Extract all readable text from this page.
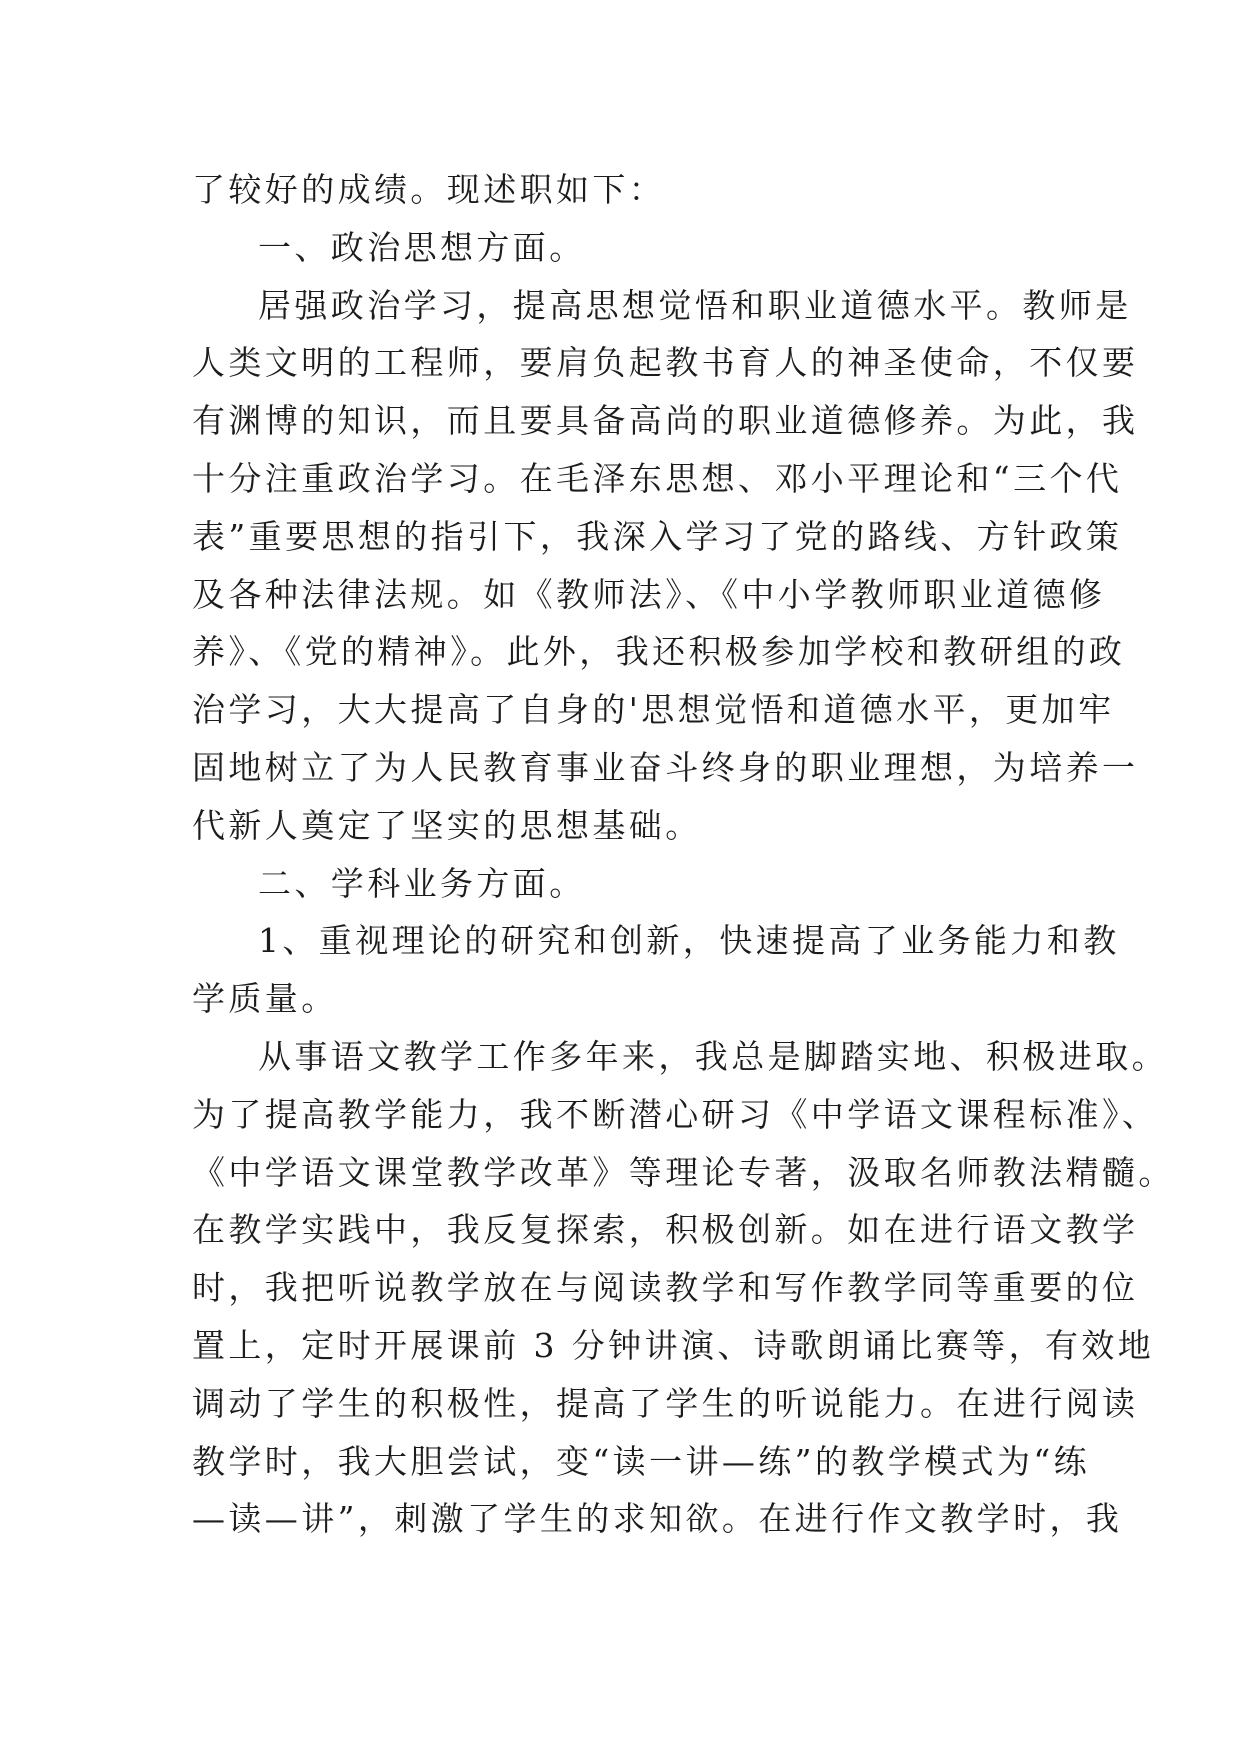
了较好的成绩。现述职如下：
一、政治思想方面。
居强政治学习，提高思想觉悟和职业道德水平。教师是
人类文明的工程师，要肩负起教书育人的神圣使命，不仅要
有渊博的知识，而且要具备高尚的职业道德修养。为此，我
十分注重政治学习。在毛泽东思想、邓小平理论和“三个代
表”重要思想的指引下，我深入学习了党的路线、方针政策
及各种法律法规。如《教师法》、《中小学教师职业道德修
养》、《党的精神》。此外，我还积极参加学校和教研组的政
治学习，大大提高了自身的'思想觉悟和道德水平，更加牢
固地树立了为人民教育事业奋斗终身的职业理想，为培养一
代新人奠定了坚实的思想基础。
二、学科业务方面。
1、重视理论的研究和创新，快速提高了业务能力和教
学质量。
从事语文教学工作多年来，我总是脚踏实地、积极进取。
为了提高教学能力，我不断潜心研习《中学语文课程标准》、
《中学语文课堂教学改革》等理论专著，汲取名师教法精髓。
在教学实践中，我反复探索，积极创新。如在进行语文教学
时，我把听说教学放在与阅读教学和写作教学同等重要的位
置上，定时开展课前 3 分钟讲演、诗歌朗诵比赛等，有效地
调动了学生的积极性，提高了学生的听说能力。在进行阅读
教学时，我大胆尝试，变“读一讲—练”的教学模式为“练
—读—讲”，刺激了学生的求知欲。在进行作文教学时，我
